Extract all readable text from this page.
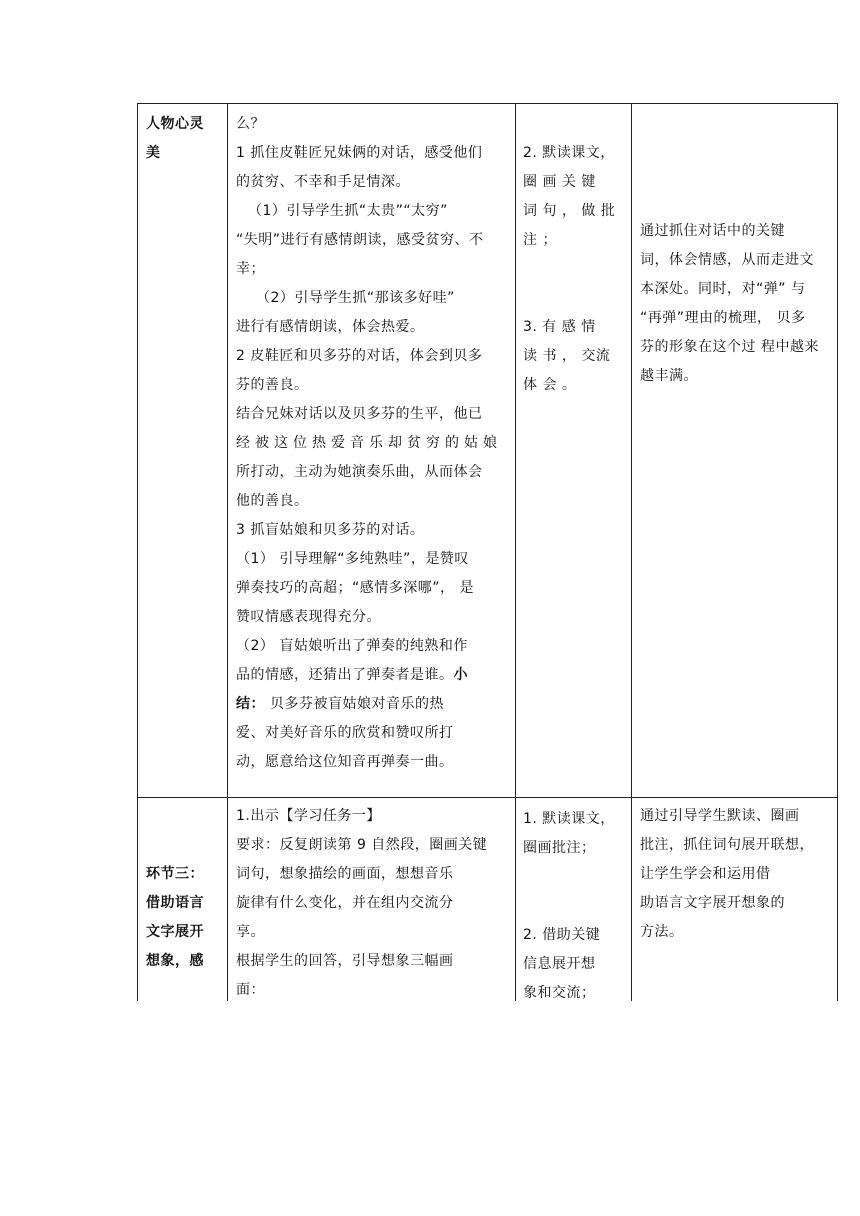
人物心灵
美
么？
1 抓住皮鞋匠兄妹俩的对话，感受他们
的贫穷、不幸和手足情深。
（1）引导学生抓“太贵”“太穷”
“失明”进行有感情朗读，感受贫穷、不
幸；
（2）引导学生抓“那该多好哇”
进行有感情朗读，体会热爱。
2 皮鞋匠和贝多芬的对话，体会到贝多
芬的善良。
结合兄妹对话以及贝多芬的生平，他已
经被这位热爱音乐却贫穷的姑娘
所打动，主动为她演奏乐曲，从而体会
他的善良。
3 抓盲姑娘和贝多芬的对话。
（1） 引导理解“多纯熟哇”，是赞叹
弹奏技巧的高超；“感情多深哪”， 是
赞叹情感表现得充分。
（2） 盲姑娘听出了弹奏的纯熟和作
品的情感，还猜出了弹奏者是谁。小
结： 贝多芬被盲姑娘对音乐的热
爱、对美好音乐的欣赏和赞叹所打
动，愿意给这位知音再弹奏一曲。
2. 默读课文，
圈 画 关 键
词 句 ， 做 批
注 ；
3. 有 感 情
读 书 ， 交流
体 会 。
通过抓住对话中的关键
词，体会情感，从而走进文
本深处。同时，对“弹” 与
“再弹”理由的梳理， 贝多
芬的形象在这个过 程中越来
越丰满。
环节三：
借助语言
文字展开
想象，感
1.出示【学习任务一】
要求：反复朗读第 9 自然段，圈画关键
词句，想象描绘的画面，想想音乐
旋律有什么变化，并在组内交流分
享。
根据学生的回答，引导想象三幅画
面：
1. 默读课文，
圈画批注；
2. 借助关键
信息展开想
象和交流；
通过引导学生默读、圈画
批注，抓住词句展开联想，
让学生学会和运用借
助语言文字展开想象的
方法。
